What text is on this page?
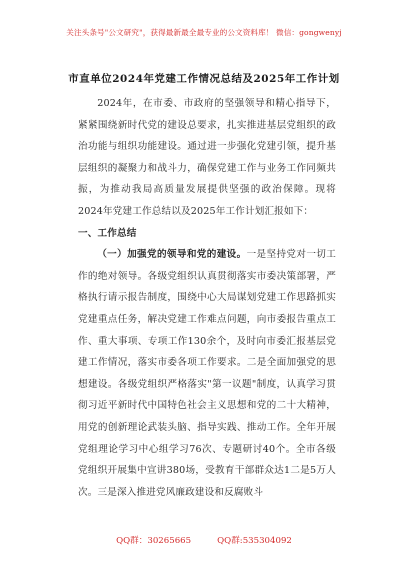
关注头条号"公文研究"，获得最新最全最专业的公文资料库！ 微信：gongwenyj
市直单位2024年党建工作情况总结及2025年工作计划

2024年，在市委、市政府的坚强领导和精心指导下，紧紧围绕新时代党的建设总要求，扎实推进基层党组织的政治功能与组织功能建设。通过进一步强化党建引领，提升基层组织的凝聚力和战斗力，确保党建工作与业务工作同频共振，为推动我局高质量发展提供坚强的政治保障。现将2024年党建工作总结以及2025年工作计划汇报如下：

一、工作总结

（一）加强党的领导和党的建设。一是坚持党对一切工作的绝对领导。各级党组织认真贯彻落实市委决策部署，严格执行请示报告制度，围绕中心大局谋划党建工作思路抓实党建重点任务，解决党建工作难点问题，向市委报告重点工作、重大事项、专项工作130余个，及时向市委汇报基层党建工作情况，落实市委各项工作要求。二是全面加强党的思想建设。各级党组织严格落实"第一议题"制度，认真学习贯彻习近平新时代中国特色社会主义思想和党的二十大精神，用党的创新理论武装头脑、指导实践、推动工作。全年开展党组理论学习中心组学习76次、专题研讨40个。全市各级党组织开展集中宣讲380场，受教育干部群众达1二是5万人次。三是深入推进党风廉政建设和反腐败斗

QQ群：30265665	QQ群:535304092
